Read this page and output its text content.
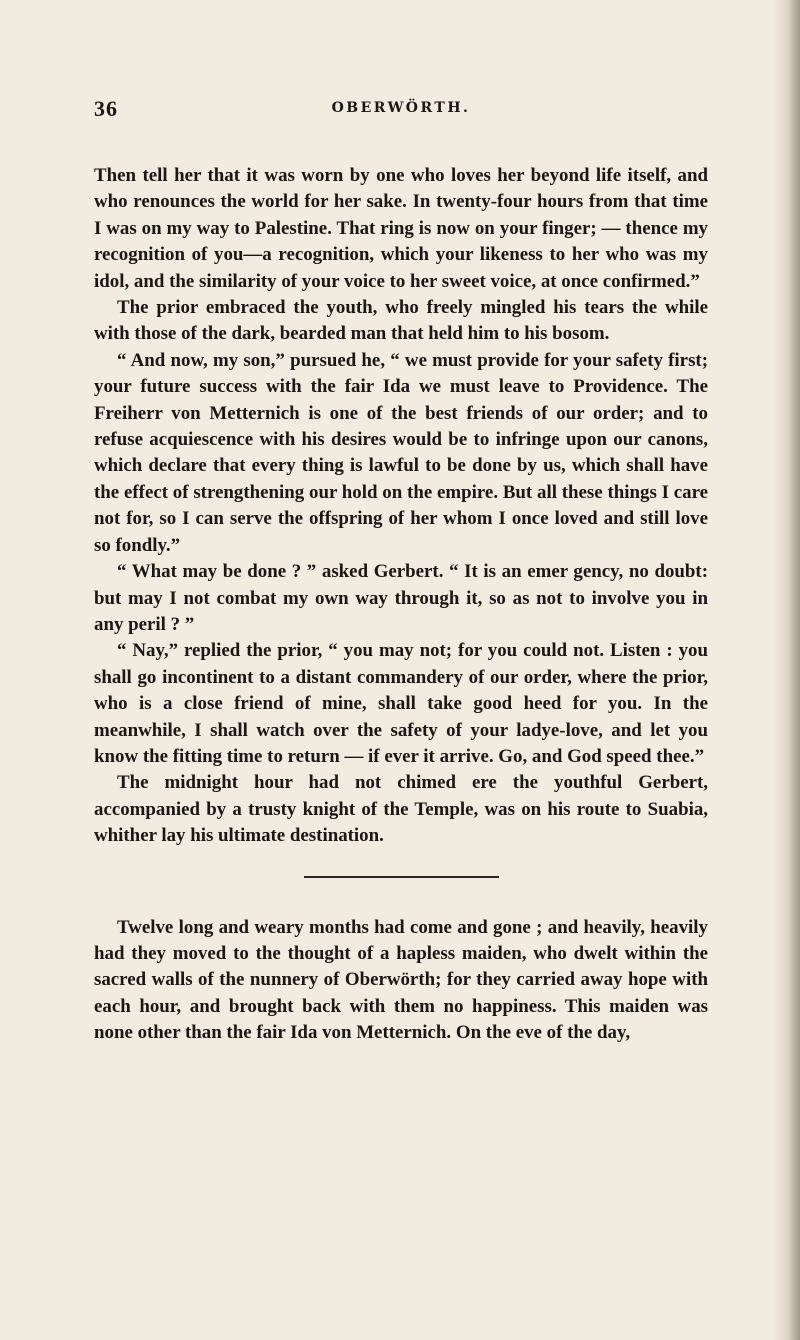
36	OBERWÖRTH.

Then tell her that it was worn by one who loves her beyond life itself, and who renounces the world for her sake. In twenty-four hours from that time I was on my way to Palestine. That ring is now on your finger; — thence my recognition of you—a recognition, which your likeness to her who was my idol, and the similarity of your voice to her sweet voice, at once confirmed.”

The prior embraced the youth, who freely mingled his tears the while with those of the dark, bearded man that held him to his bosom.

“ And now, my son,” pursued he, “ we must provide for your safety first; your future success with the fair Ida we must leave to Providence. The Freiherr von Metternich is one of the best friends of our order; and to refuse acquiescence with his desires would be to infringe upon our canons, which declare that every thing is lawful to be done by us, which shall have the effect of strengthening our hold on the empire. But all these things I care not for, so I can serve the offspring of her whom I once loved and still love so fondly.”

“ What may be done ? ” asked Gerbert. “ It is an emer gency, no doubt: but may I not combat my own way through it, so as not to involve you in any peril ? ”

“ Nay,” replied the prior, “ you may not; for you could not. Listen : you shall go incontinent to a distant commandery of our order, where the prior, who is a close friend of mine, shall take good heed for you. In the meanwhile, I shall watch over the safety of your ladye-love, and let you know the fitting time to return — if ever it arrive. Go, and God speed thee.”

The midnight hour had not chimed ere the youthful Gerbert, accompanied by a trusty knight of the Temple, was on his route to Suabia, whither lay his ultimate destination.

Twelve long and weary months had come and gone ; and heavily, heavily had they moved to the thought of a hapless maiden, who dwelt within the sacred walls of the nunnery of Oberwörth; for they carried away hope with each hour, and brought back with them no happiness. This maiden was none other than the fair Ida von Metternich. On the eve of the day,
